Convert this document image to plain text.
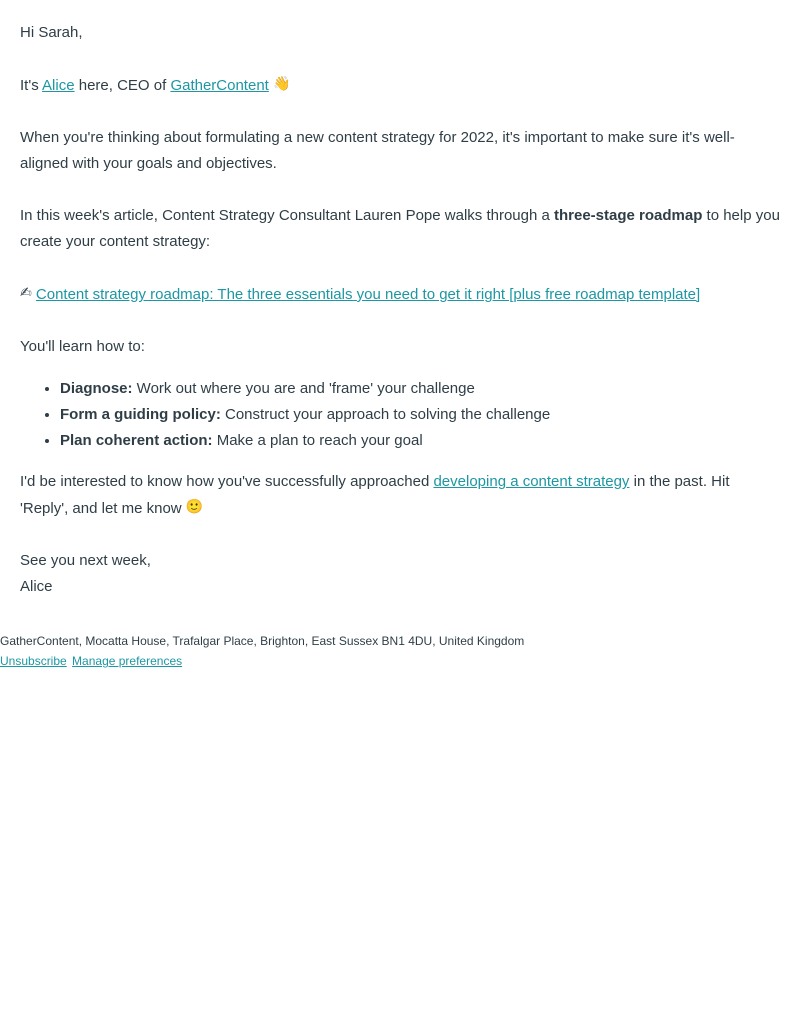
Hi Sarah,

It's Alice here, CEO of GatherContent 👋

When you're thinking about formulating a new content strategy for 2022, it's important to make sure it's well-aligned with your goals and objectives.

In this week's article, Content Strategy Consultant Lauren Pope walks through a three-stage roadmap to help you create your content strategy:

✍ Content strategy roadmap: The three essentials you need to get it right [plus free roadmap template]

You'll learn how to:

• Diagnose: Work out where you are and 'frame' your challenge
• Form a guiding policy: Construct your approach to solving the challenge
• Plan coherent action: Make a plan to reach your goal

I'd be interested to know how you've successfully approached developing a content strategy in the past. Hit 'Reply', and let me know 🙂

See you next week,

Alice

GatherContent, Mocatta House, Trafalgar Place, Brighton, East Sussex BN1 4DU, United Kingdom
Unsubscribe Manage preferences
